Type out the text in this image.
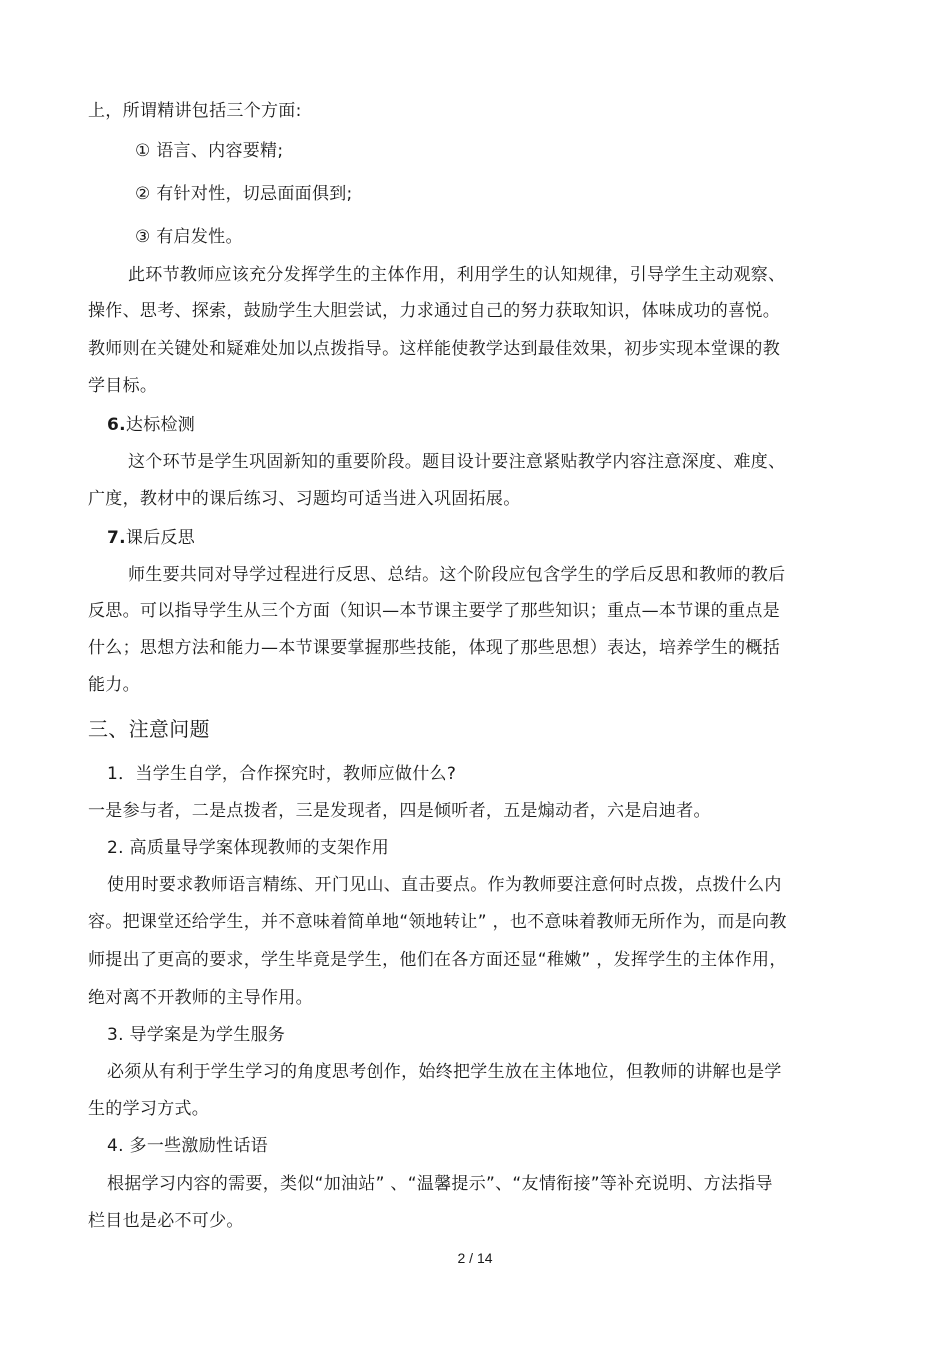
上，所谓精讲包括三个方面:
① 语言、内容要精;
② 有针对性，切忌面面俱到;
③ 有启发性。
此环节教师应该充分发挥学生的主体作用，利用学生的认知规律，引导学生主动观察、
操作、思考、探索，鼓励学生大胆尝试，力求通过自己的努力获取知识，体味成功的喜悦。
教师则在关键处和疑难处加以点拨指导。这样能使教学达到最佳效果，初步实现本堂课的教
学目标。
6.达标检测
这个环节是学生巩固新知的重要阶段。题目设计要注意紧贴教学内容注意深度、难度、
广度，教材中的课后练习、习题均可适当进入巩固拓展。
7.课后反思
师生要共同对导学过程进行反思、总结。这个阶段应包含学生的学后反思和教师的教后
反思。可以指导学生从三个方面（知识—本节课主要学了那些知识；重点—本节课的重点是
什么；思想方法和能力—本节课要掌握那些技能，体现了那些思想）表达，培养学生的概括
能力。
三、注意问题
1．当学生自学，合作探究时，教师应做什么?
一是参与者，二是点拨者，三是发现者，四是倾听者，五是煽动者，六是启迪者。
2. 高质量导学案体现教师的支架作用
使用时要求教师语言精练、开门见山、直击要点。作为教师要注意何时点拨，点拨什么内
容。把课堂还给学生，并不意味着简单地“领地转让” ，也不意味着教师无所作为，而是向教
师提出了更高的要求，学生毕竟是学生，他们在各方面还显“稚嫩” ，发挥学生的主体作用，
绝对离不开教师的主导作用。
3. 导学案是为学生服务
必须从有利于学生学习的角度思考创作，始终把学生放在主体地位，但教师的讲解也是学
生的学习方式。
4. 多一些激励性话语
根据学习内容的需要，类似“加油站” 、“温馨提示”、“友情衔接”等补充说明、方法指导
栏目也是必不可少。
2 / 14
